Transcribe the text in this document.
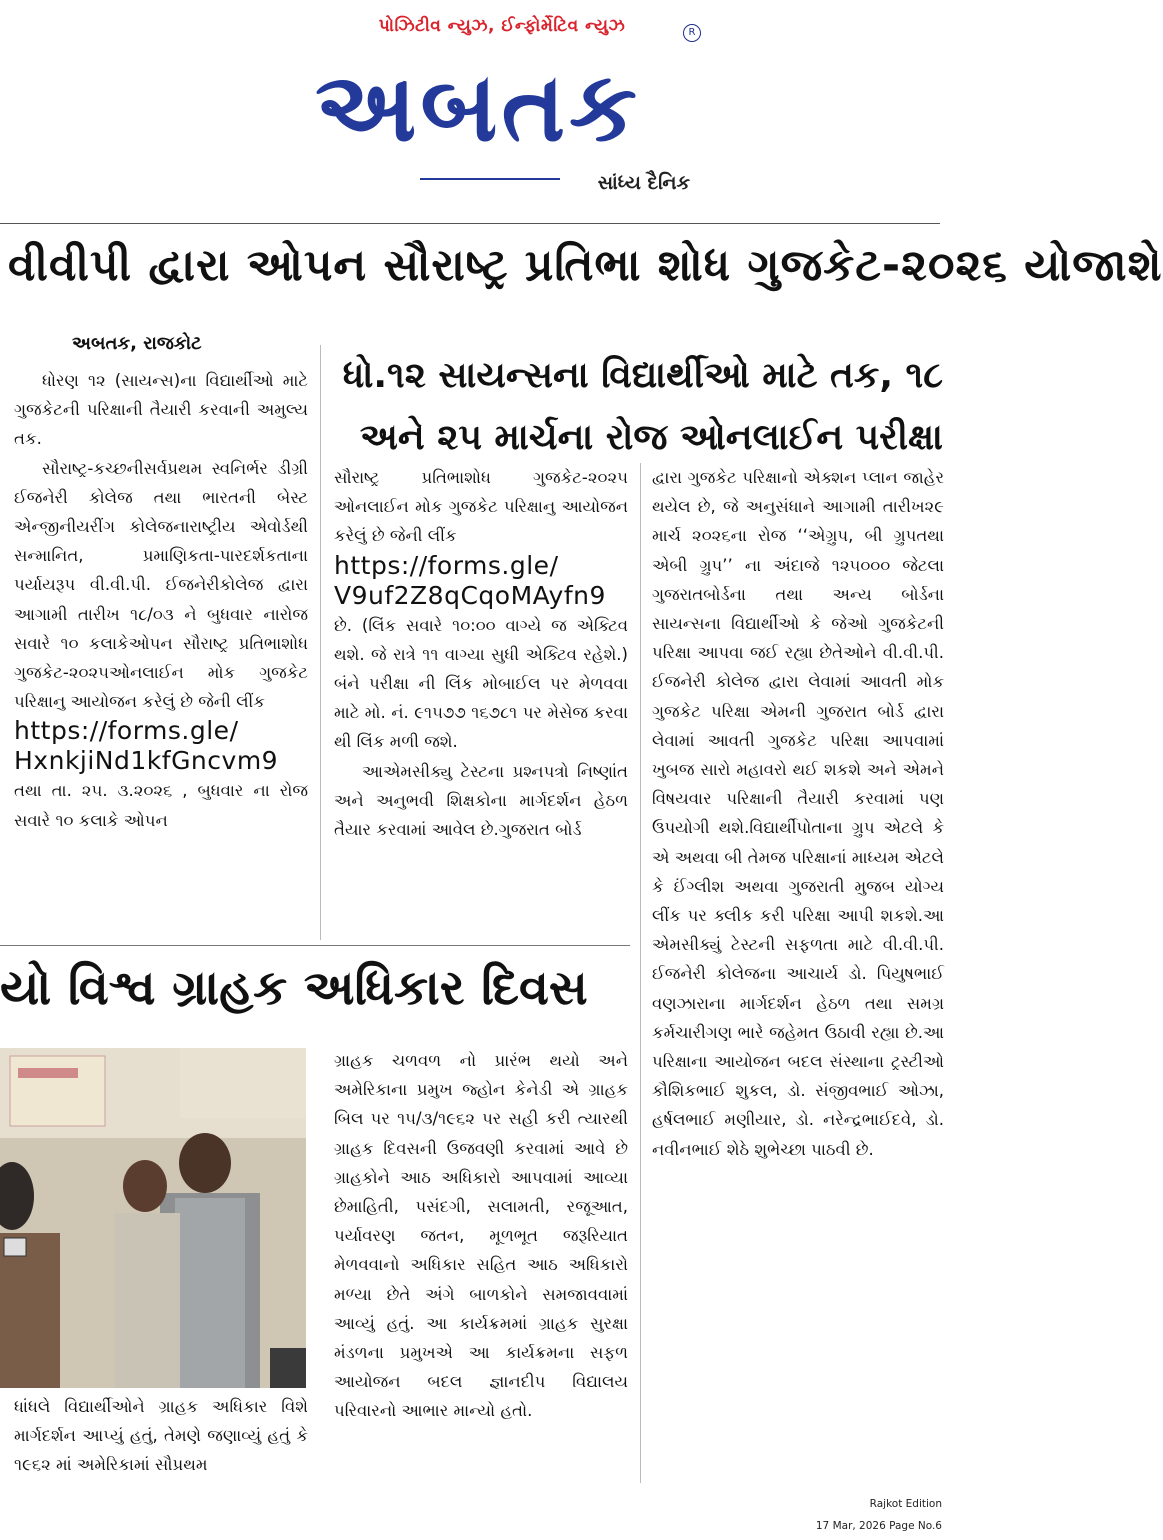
પોઝિટીવ ન્યુઝ, ઈન્ફોર્મેટિવ ન્યુઝ	R
અબતક
સાંધ્ય દૈનિક
વીવીપી દ્વારા ઓપન સૌરાષ્ટ્ર પ્રતિભા શોધ ગુજકેટ-૨૦૨૬ યોજાશે
ધો.૧૨ સાયન્સના વિદ્યાર્થીઓ માટે તક, ૧૮
અને ૨૫ માર્ચના રોજ ઓનલાઈન પરીક્ષા
અબતક, રાજકોટ

ધોરણ ૧૨ (સાયન્સ)ના વિદ્યાર્થીઓ માટે ગુજકેટની પરિક્ષાની તૈયારી કરવાની અમુલ્ય તક.

સૌરાષ્ટ્ર-કચ્છનીસર્વપ્રથમ સ્વનિર્ભર ડીગ્રી ઈજનેરી કોલેજ તથા ભારતની બેસ્ટ એન્જીનીયરીંગ કોલેજનારાષ્ટ્રીય એવોર્ડથી સન્માનિત, પ્રમાણિકતા-પારદર્શકતાના પર્યાયરૂપ વી.વી.પી. ઈજનેરીકોલેજ દ્વારા આગામી તારીખ ૧૮/૦૩ ને બુધવાર નારોજ સવારે ૧૦ કલાકેઓપન સૌરાષ્ટ્ર પ્રતિભાશોધ ગુજકેટ-૨૦૨૫ઓનલાઈન મોક ગુજકેટ પરિક્ષાનુ આયોજન કરેલું છે જેની લીંક

https://forms.gle/ HxnkjiNd1kfGncvm9

તથા તા. ૨૫. ૩.૨૦૨૬ , બુધવાર ના રોજ સવારે ૧૦ કલાકે ઓપન

સૌરાષ્ટ્ર પ્રતિભાશોધ ગુજકેટ-૨૦૨૫ ઓનલાઈન મોક ગુજકેટ પરિક્ષાનુ આયોજન કરેલું છે જેની લીંક

https://forms.gle/ V9uf2Z8qCqoMAyfn9

છે. (લિંક સવારે ૧૦:૦૦ વાગ્યે જ એક્ટિવ થશે. જે રાત્રે ૧૧ વાગ્યા સુધી એક્ટિવ રહેશે.) બંને પરીક્ષા ની લિંક મોબાઈલ પર મેળવવા માટે મો. નં. ૯૧૫૭૭ ૧૬૭૮૧ પર મેસેજ કરવા થી લિંક મળી જશે.

આએમસીક્યુ ટેસ્ટના પ્રશ્નપત્રો નિષ્ણાંત અને અનુભવી શિક્ષકોના માર્ગદર્શન હેઠળ તૈયાર કરવામાં આવેલ છે.ગુજરાત બોર્ડ

દ્વારા ગુજકેટ પરિક્ષાનો એક્શન પ્લાન જાહેર થયેલ છે, જે અનુસંધાને આગામી તારીખ૨૯ માર્ચ ૨૦૨૬ના રોજ ‘‘એગ્રુપ, બી ગ્રુપતથા એબી ગ્રુપ’’ ના અંદાજે ૧૨૫૦૦૦ જેટલા ગુજરાતબોર્ડના તથા અન્ય બોર્ડના સાયન્સના વિદ્યાર્થીઓ કે જેઓ ગુજકેટની પરિક્ષા આપવા જઈ રહ્યા છેતેઓને વી.વી.પી. ઈજનેરી કોલેજ દ્વારા લેવામાં આવતી મોક ગુજકેટ પરિક્ષા એમની ગુજરાત બોર્ડ દ્વારા લેવામાં આવતી ગુજકેટ પરિક્ષા આપવામાં ખુબજ સારો મહાવરો થઈ શકશે અને એમને વિષયવાર પરિક્ષાની તૈયારી કરવામાં પણ ઉપયોગી થશે.વિદ્યાર્થીપોતાના ગ્રુપ એટલે કે એ અથવા બી તેમજ પરિક્ષાનાં માધ્યમ એટલે કે ઈંગ્લીશ અથવા ગુજરાતી મુજબ યોગ્ય લીંક પર ક્લીક કરી પરિક્ષા આપી શકશે.આ એમસીક્યું ટેસ્ટની સફળતા માટે વી.વી.પી. ઈજનેરી કોલેજના આચાર્ય ડો. પિયુષભાઈ વણઝારાના માર્ગદર્શન હેઠળ તથા સમગ્ર કર્મચારીગણ ભારે જહેમત ઉઠાવી રહ્યા છે.આ પરિક્ષાના આયોજન બદલ સંસ્થાના ટ્રસ્ટીઓ કૌશિકભાઈ શુકલ, ડો. સંજીવભાઈ ઓઝા, હર્ષલભાઈ મણીયાર, ડો. નરેન્દ્રભાઈદવે, ડો. નવીનભાઈ શેઠે શુભેચ્છા પાઠવી છે.

યો વિશ્વ ગ્રાહક અધિકાર દિવસ

ધાંધલે વિદ્યાર્થીઓને ગ્રાહક અધિકાર વિશે માર્ગદર્શન આપ્યું હતું, તેમણે જણાવ્યું હતું કે ૧૯૬૨ માં અમેરિકામાં સૌપ્રથમ

ગ્રાહક ચળવળ નો પ્રારંભ થયો અને અમેરિકાના પ્રમુખ જ્હોન કેનેડી એ ગ્રાહક બિલ પર ૧૫/૩/૧૯૬૨ પર સહી કરી ત્યારથી ગ્રાહક દિવસની ઉજવણી કરવામાં આવે છે ગ્રાહકોને આઠ અધિકારો આપવામાં આવ્યા છેમાહિતી, પસંદગી, સલામતી, રજૂઆત, પર્યાવરણ જતન, મૂળભૂત જરૂરિયાત મેળવવાનો અધિકાર સહિત આઠ અધિકારો મળ્યા છેતે અંગે બાળકોને સમજાવવામાં આવ્યું હતું. આ કાર્યક્રમમાં ગ્રાહક સુરક્ષા મંડળના પ્રમુખએ આ કાર્યક્રમના સફળ આયોજન બદલ જ્ઞાનદીપ વિદ્યાલય પરિવારનો આભાર માન્યો હતો.

Rajkot Edition
17 Mar, 2026 Page No.6
